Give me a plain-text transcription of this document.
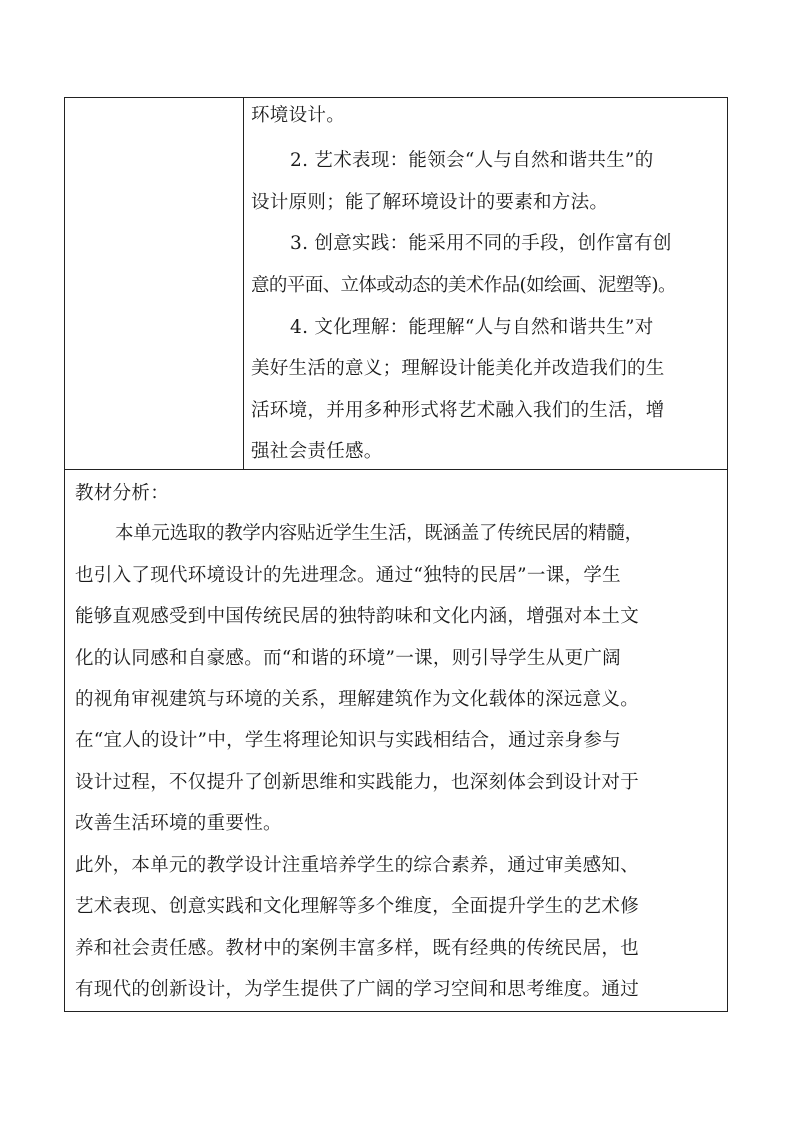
环境设计。
2. 艺术表现：能领会“人与自然和谐共生”的
设计原则；能了解环境设计的要素和方法。
3. 创意实践：能采用不同的手段，创作富有创
意的平面、立体或动态的美术作品(如绘画、泥塑等)。
4. 文化理解：能理解“人与自然和谐共生”对
美好生活的意义；理解设计能美化并改造我们的生
活环境，并用多种形式将艺术融入我们的生活，增
强社会责任感。
教材分析：
本单元选取的教学内容贴近学生生活，既涵盖了传统民居的精髓，
也引入了现代环境设计的先进理念。通过“独特的民居”一课，学生
能够直观感受到中国传统民居的独特韵味和文化内涵，增强对本土文
化的认同感和自豪感。而“和谐的环境”一课，则引导学生从更广阔
的视角审视建筑与环境的关系，理解建筑作为文化载体的深远意义。
在“宜人的设计”中，学生将理论知识与实践相结合，通过亲身参与
设计过程，不仅提升了创新思维和实践能力，也深刻体会到设计对于
改善生活环境的重要性。
此外，本单元的教学设计注重培养学生的综合素养，通过审美感知、
艺术表现、创意实践和文化理解等多个维度，全面提升学生的艺术修
养和社会责任感。教材中的案例丰富多样，既有经典的传统民居，也
有现代的创新设计，为学生提供了广阔的学习空间和思考维度。通过
